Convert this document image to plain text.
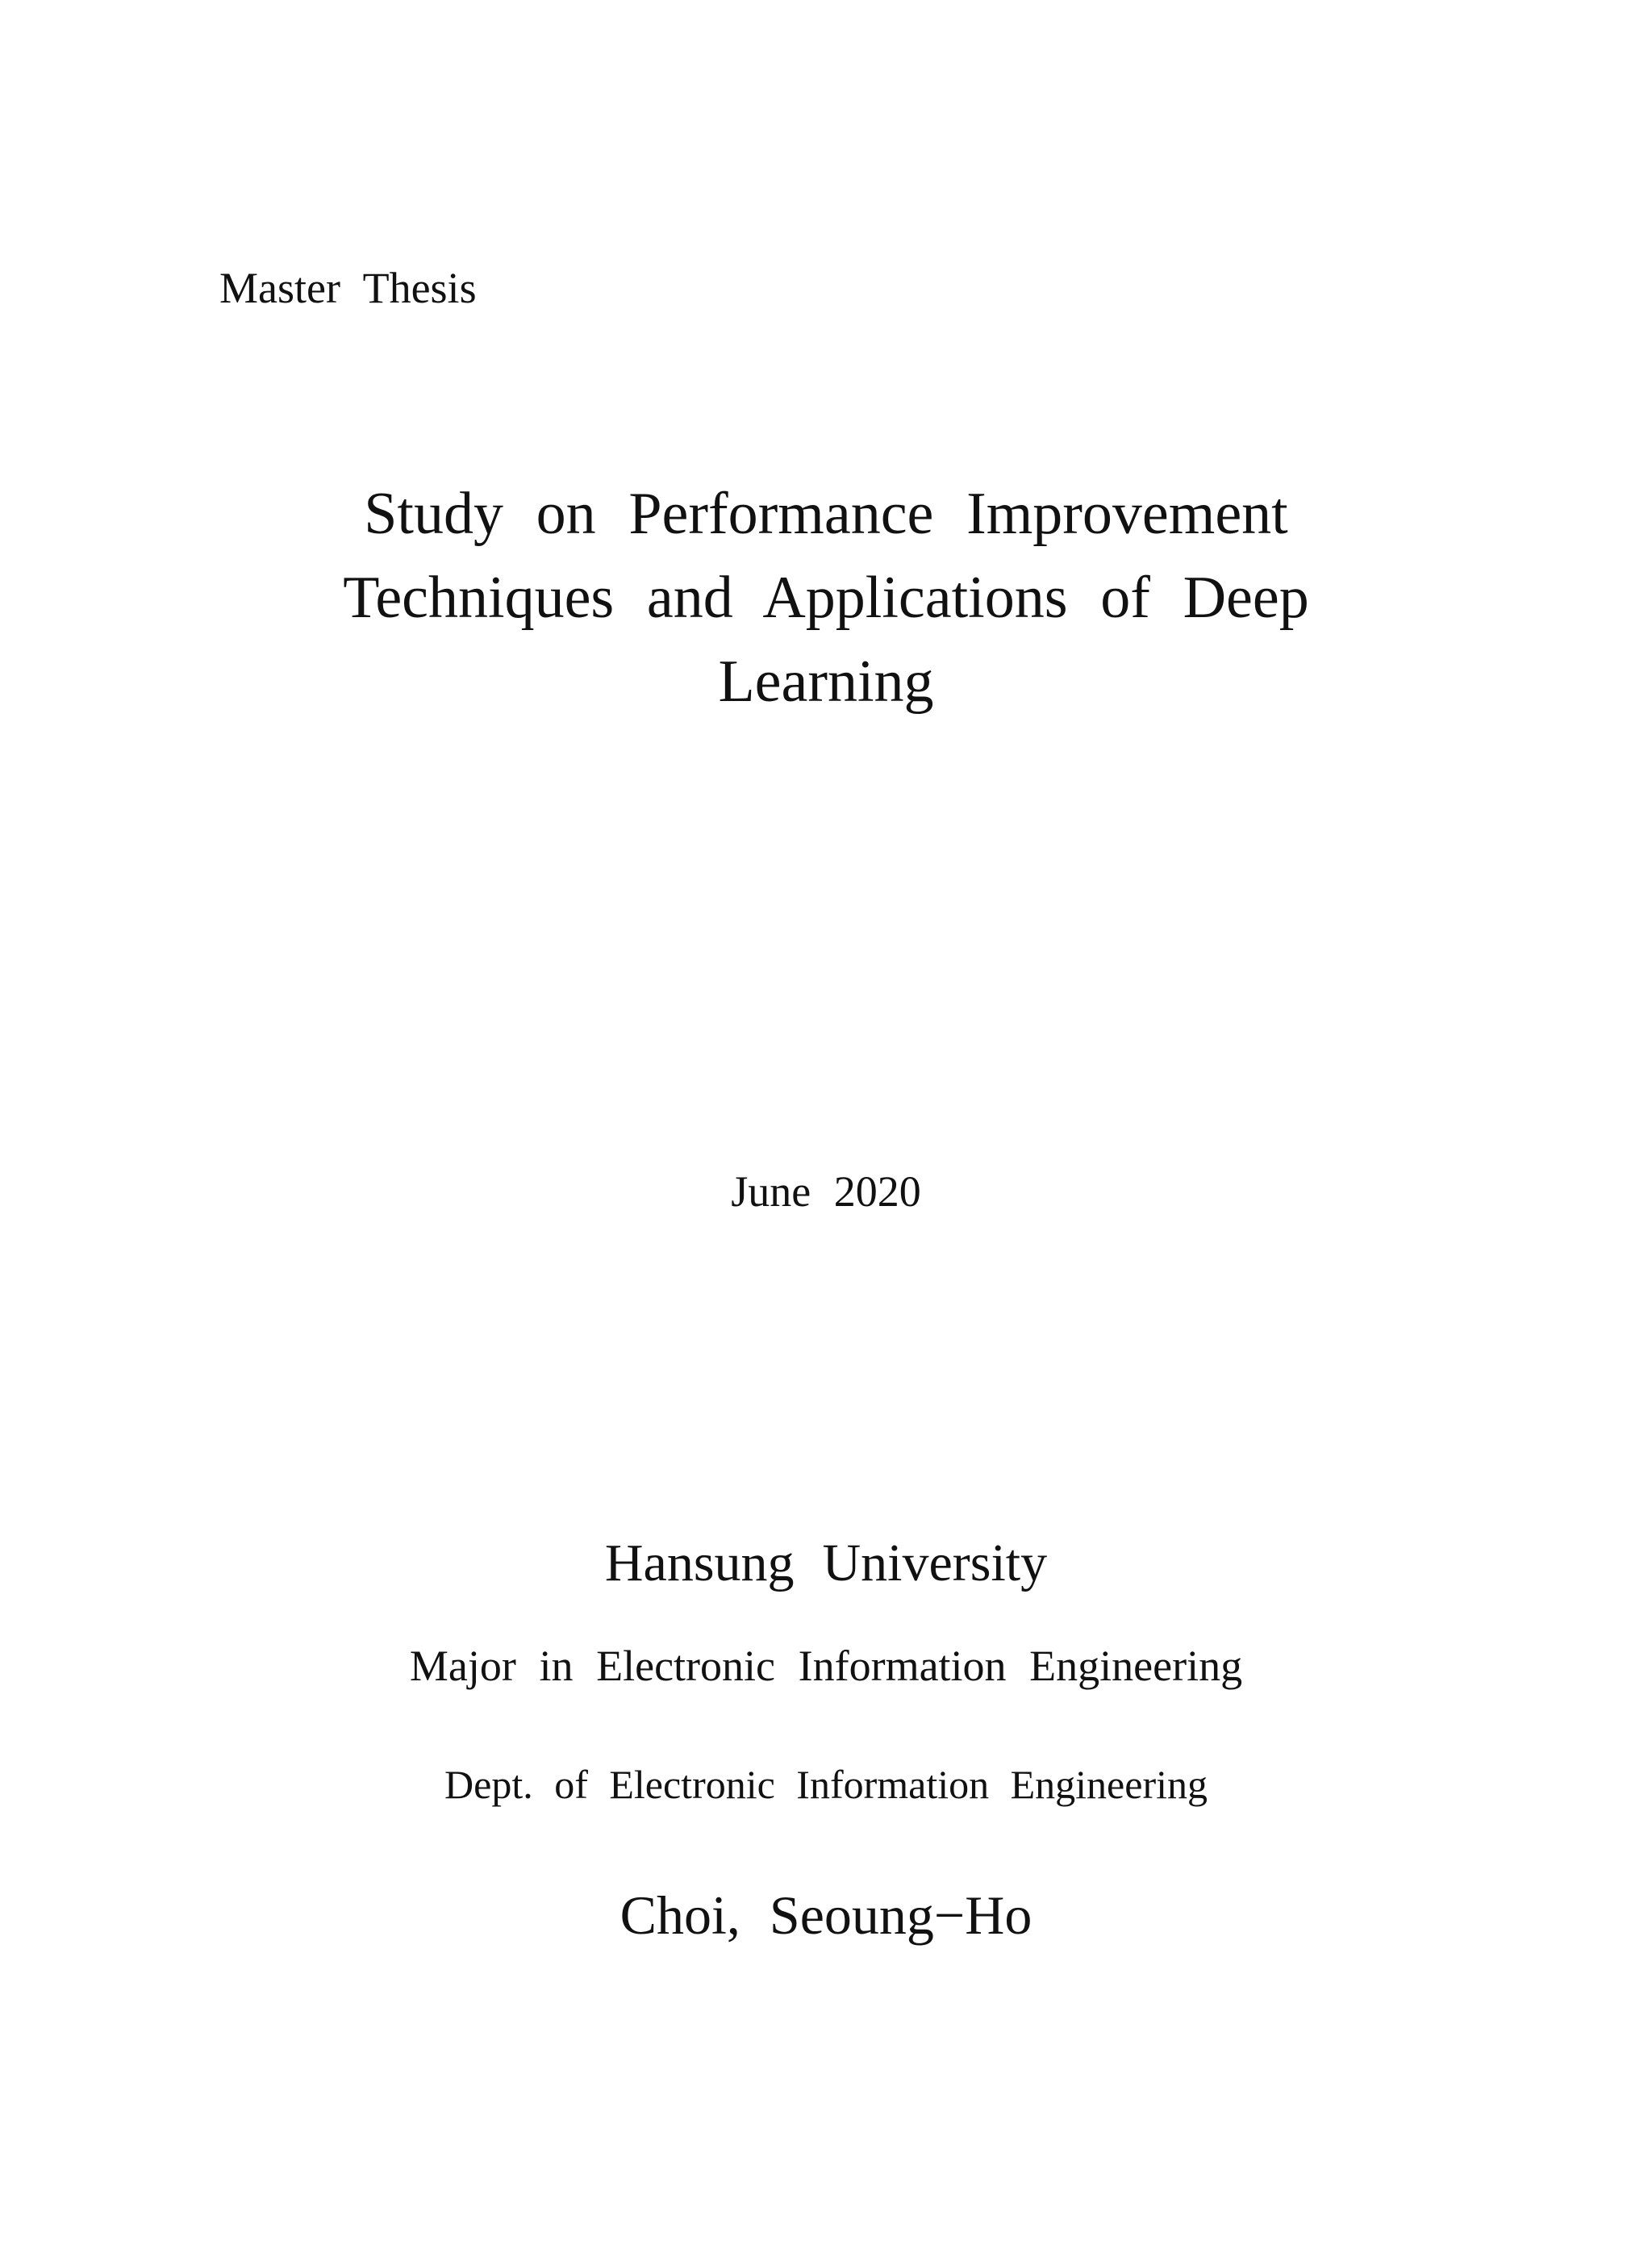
Master Thesis
Study on Performance Improvement
Techniques and Applications of Deep
Learning
June 2020
Hansung University
Major in Electronic Information Engineering
Dept. of Electronic Information Engineering
Choi, Seoung−Ho
